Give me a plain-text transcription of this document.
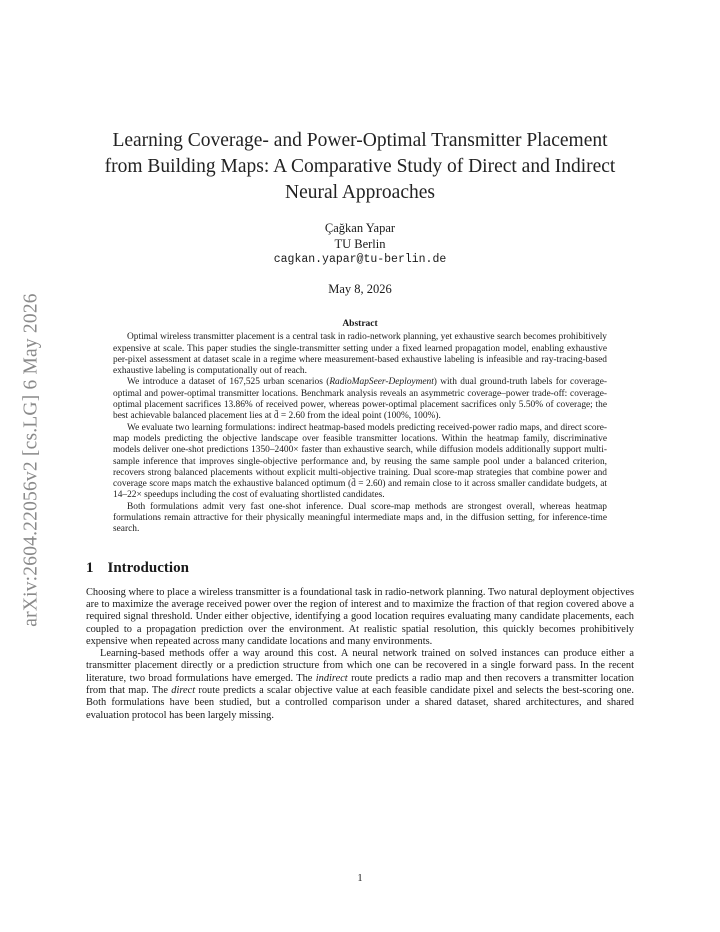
arXiv:2604.22056v2 [cs.LG] 6 May 2026
Learning Coverage- and Power-Optimal Transmitter Placement
from Building Maps: A Comparative Study of Direct and Indirect
Neural Approaches
Çağkan Yapar
TU Berlin
cagkan.yapar@tu-berlin.de
May 8, 2026
Abstract

Optimal wireless transmitter placement is a central task in radio-network planning, yet exhaustive search becomes prohibitively expensive at scale. This paper studies the single-transmitter setting under a fixed learned propagation model, enabling exhaustive per-pixel assessment at dataset scale in a regime where measurement-based exhaustive labeling is infeasible and ray-tracing-based exhaustive labeling is computationally out of reach.

We introduce a dataset of 167,525 urban scenarios (RadioMapSeer-Deployment) with dual ground-truth labels for coverage-optimal and power-optimal transmitter locations. Benchmark analysis reveals an asymmetric coverage–power trade-off: coverage-optimal placement sacrifices 13.86% of received power, whereas power-optimal placement sacrifices only 5.50% of coverage; the best achievable balanced placement lies at d̄ = 2.60 from the ideal point (100%, 100%).

We evaluate two learning formulations: indirect heatmap-based models predicting received-power radio maps, and direct score-map models predicting the objective landscape over feasible transmitter locations. Within the heatmap family, discriminative models deliver one-shot predictions 1350–2400× faster than exhaustive search, while diffusion models additionally support multi-sample inference that improves single-objective performance and, by reusing the same sample pool under a balanced criterion, recovers strong balanced placements without explicit multi-objective training. Dual score-map strategies that combine power and coverage score maps match the exhaustive balanced optimum (d̄ = 2.60) and remain close to it across smaller candidate budgets, at 14–22× speedups including the cost of evaluating shortlisted candidates.

Both formulations admit very fast one-shot inference. Dual score-map methods are strongest overall, whereas heatmap formulations remain attractive for their physically meaningful intermediate maps and, in the diffusion setting, for inference-time search.

1 Introduction

Choosing where to place a wireless transmitter is a foundational task in radio-network planning. Two natural deployment objectives are to maximize the average received power over the region of interest and to maximize the fraction of that region covered above a required signal threshold. Under either objective, identifying a good location requires evaluating many candidate placements, each coupled to a propagation prediction over the environment. At realistic spatial resolution, this quickly becomes prohibitively expensive when repeated across many candidate locations and many environments.

Learning-based methods offer a way around this cost. A neural network trained on solved instances can produce either a transmitter placement directly or a prediction structure from which one can be recovered in a single forward pass. In the recent literature, two broad formulations have emerged. The indirect route predicts a radio map and then recovers a transmitter location from that map. The direct route predicts a scalar objective value at each feasible candidate pixel and selects the best-scoring one. Both formulations have been studied, but a controlled comparison under a shared dataset, shared architectures, and shared evaluation protocol has been largely missing.

1
